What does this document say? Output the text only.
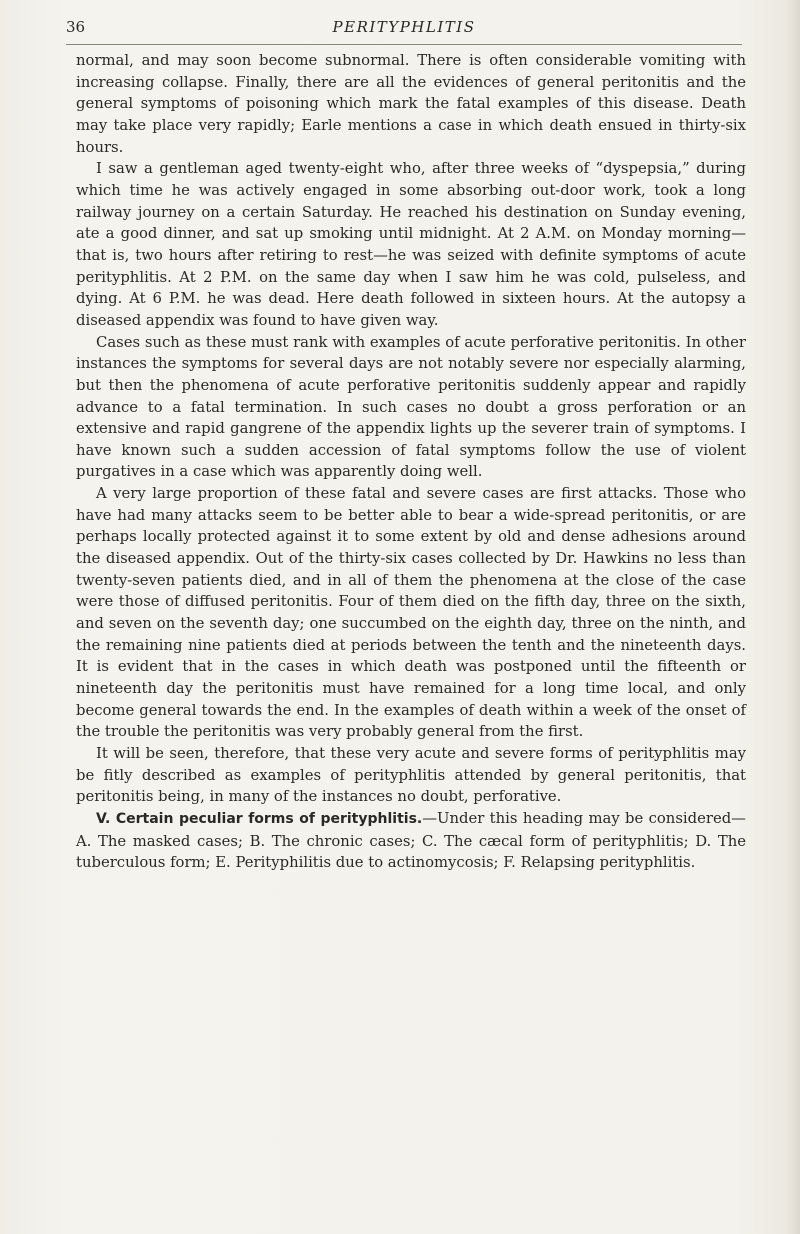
36	PERITYPHLITIS

normal, and may soon become subnormal. There is often considerable vomiting with increasing collapse. Finally, there are all the evidences of general peritonitis and the general symptoms of poisoning which mark the fatal examples of this disease. Death may take place very rapidly; Earle mentions a case in which death ensued in thirty-six hours.

I saw a gentleman aged twenty-eight who, after three weeks of “dyspepsia,” during which time he was actively engaged in some absorbing out-door work, took a long railway journey on a certain Saturday. He reached his destination on Sunday evening, ate a good dinner, and sat up smoking until midnight. At 2 A.M. on Monday morning—that is, two hours after retiring to rest—he was seized with definite symptoms of acute perityphlitis. At 2 P.M. on the same day when I saw him he was cold, pulseless, and dying. At 6 P.M. he was dead. Here death followed in sixteen hours. At the autopsy a diseased appendix was found to have given way.

Cases such as these must rank with examples of acute perforative peritonitis. In other instances the symptoms for several days are not notably severe nor especially alarming, but then the phenomena of acute perforative peritonitis suddenly appear and rapidly advance to a fatal termination. In such cases no doubt a gross perforation or an extensive and rapid gangrene of the appendix lights up the severer train of symptoms. I have known such a sudden accession of fatal symptoms follow the use of violent purgatives in a case which was apparently doing well.

A very large proportion of these fatal and severe cases are first attacks. Those who have had many attacks seem to be better able to bear a wide-spread peritonitis, or are perhaps locally protected against it to some extent by old and dense adhesions around the diseased appendix. Out of the thirty-six cases collected by Dr. Hawkins no less than twenty-seven patients died, and in all of them the phenomena at the close of the case were those of diffused peritonitis. Four of them died on the fifth day, three on the sixth, and seven on the seventh day; one succumbed on the eighth day, three on the ninth, and the remaining nine patients died at periods between the tenth and the nineteenth days. It is evident that in the cases in which death was postponed until the fifteenth or nineteenth day the peritonitis must have remained for a long time local, and only become general towards the end. In the examples of death within a week of the onset of the trouble the peritonitis was very probably general from the first.

It will be seen, therefore, that these very acute and severe forms of perityphlitis may be fitly described as examples of perityphlitis attended by general peritonitis, that peritonitis being, in many of the instances no doubt, perforative.

V. Certain peculiar forms of perityphlitis.—Under this heading may be considered—A. The masked cases; B. The chronic cases; C. The cæcal form of perityphlitis; D. The tuberculous form; E. Perityphilitis due to actinomycosis; F. Relapsing perityphlitis.
